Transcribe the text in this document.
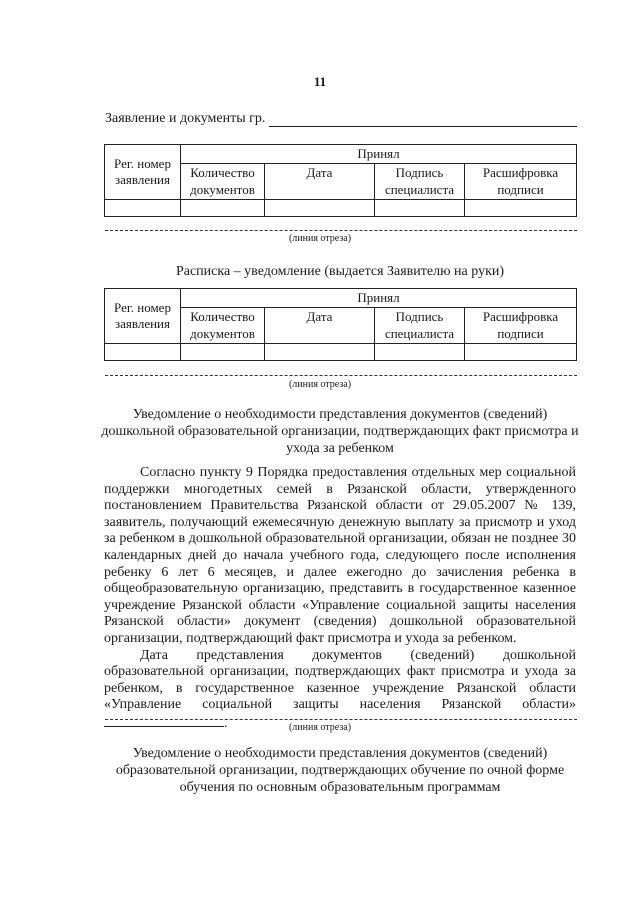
11
Заявление и документы гр.
Рег. номер заявления	Принял			
	Количество документов	Дата	Подпись специалиста	Расшифровка подписи

(линия отреза)
Расписка – уведомление (выдается Заявителю на руки)
Рег. номер заявления	Принял			
	Количество документов	Дата	Подпись специалиста	Расшифровка подписи

(линия отреза)
Уведомление о необходимости представления документов (сведений) дошкольной образовательной организации, подтверждающих факт присмотра и ухода за ребенком

Согласно пункту 9 Порядка предоставления отдельных мер социальной поддержки многодетных семей в Рязанской области, утвержденного постановлением Правительства Рязанской области от 29.05.2007 № 139, заявитель, получающий ежемесячную денежную выплату за присмотр и уход за ребенком в дошкольной образовательной организации, обязан не позднее 30 календарных дней до начала учебного года, следующего после исполнения ребенку 6 лет 6 месяцев, и далее ежегодно до зачисления ребенка в общеобразовательную организацию, представить в государственное казенное учреждение Рязанской области «Управление социальной защиты населения Рязанской области» документ (сведения) дошкольной образовательной организации, подтверждающий факт присмотра и ухода за ребенком.

Дата представления документов (сведений) дошкольной образовательной организации, подтверждающих факт присмотра и ухода за ребенком, в государственное казенное учреждение Рязанской области «Управление социальной защиты населения Рязанской области» .	(линия отреза)
Уведомление о необходимости представления документов (сведений) образовательной организации, подтверждающих обучение по очной форме обучения по основным образовательным программам
